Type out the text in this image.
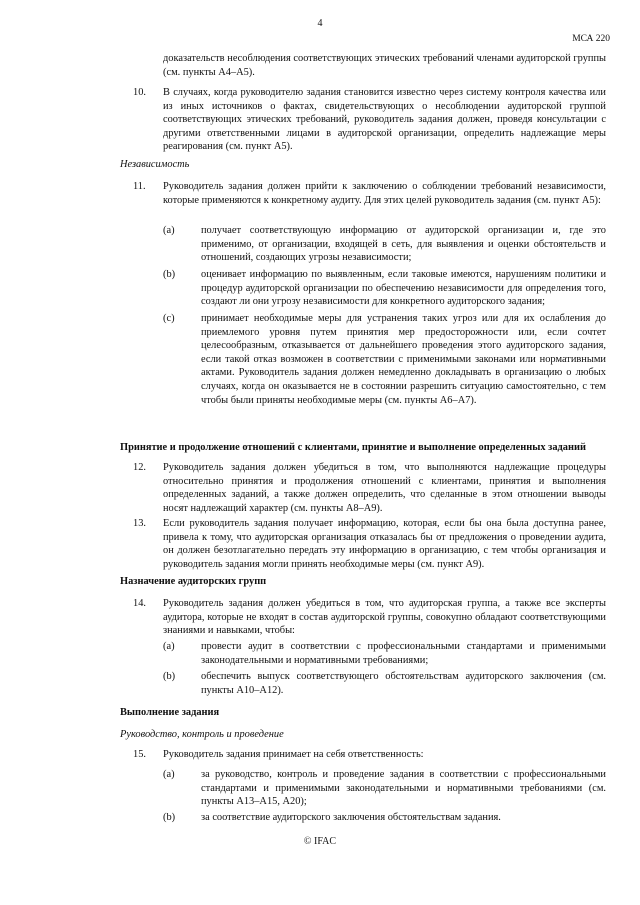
4
МСА 220
доказательств несоблюдения соответствующих этических требований членами аудиторской группы (см. пункты А4–А5).
10. В случаях, когда руководителю задания становится известно через систему контроля качества или из иных источников о фактах, свидетельствующих о несоблюдении аудиторской группой соответствующих этических требований, руководитель задания должен, проведя консультации с другими ответственными лицами в аудиторской организации, определить надлежащие меры реагирования (см. пункт А5).
Независимость
11. Руководитель задания должен прийти к заключению о соблюдении требований независимости, которые применяются к конкретному аудиту. Для этих целей руководитель задания (см. пункт А5):
(a)	получает соответствующую информацию от аудиторской организации и, где это применимо, от организации, входящей в сеть, для выявления и оценки обстоятельств и отношений, создающих угрозы независимости;
(b) оценивает информацию по выявленным, если таковые имеются, нарушениям политики и процедур аудиторской организации по обеспечению независимости для определения того, создают ли они угрозу независимости для конкретного аудиторского задания;
(c)	принимает необходимые меры для устранения таких угроз или для их ослабления до приемлемого уровня путем принятия мер предосторожности или, если сочтет целесообразным, отказывается от дальнейшего проведения этого аудиторского задания, если такой отказ возможен в соответствии с применимыми законами или нормативными актами. Руководитель задания должен немедленно докладывать в организацию о любых случаях, когда он оказывается не в состоянии разрешить ситуацию самостоятельно, с тем чтобы были приняты необходимые меры (см. пункты А6–А7).
Принятие и продолжение отношений с клиентами, принятие и выполнение определенных заданий
12. Руководитель задания должен убедиться в том, что выполняются надлежащие процедуры относительно принятия и продолжения отношений с клиентами, принятия и выполнения определенных заданий, а также должен определить, что сделанные в этом отношении выводы носят надлежащий характер (см. пункты А8–А9).
13. Если руководитель задания получает информацию, которая, если бы она была доступна ранее, привела к тому, что аудиторская организация отказалась бы от предложения о проведении аудита, он должен безотлагательно передать эту информацию в организацию, с тем чтобы организация и руководитель задания могли принять необходимые меры (см. пункт А9).
Назначение аудиторских групп
14. Руководитель задания должен убедиться в том, что аудиторская группа, а также все эксперты аудитора, которые не входят в состав аудиторской группы, совокупно обладают соответствующими знаниями и навыками, чтобы:
(a)	провести аудит в соответствии с профессиональными стандартами и применимыми законодательными и нормативными требованиями;
(b) обеспечить выпуск соответствующего обстоятельствам аудиторского заключения (см. пункты А10–А12).
Выполнение задания
Руководство, контроль и проведение
15. Руководитель задания принимает на себя ответственность:
(a)	за руководство, контроль и проведение задания в соответствии с профессиональными стандартами и применимыми законодательными и нормативными требованиями (см. пункты А13–А15, А20);
(b) за соответствие аудиторского заключения обстоятельствам задания.
© IFAC
